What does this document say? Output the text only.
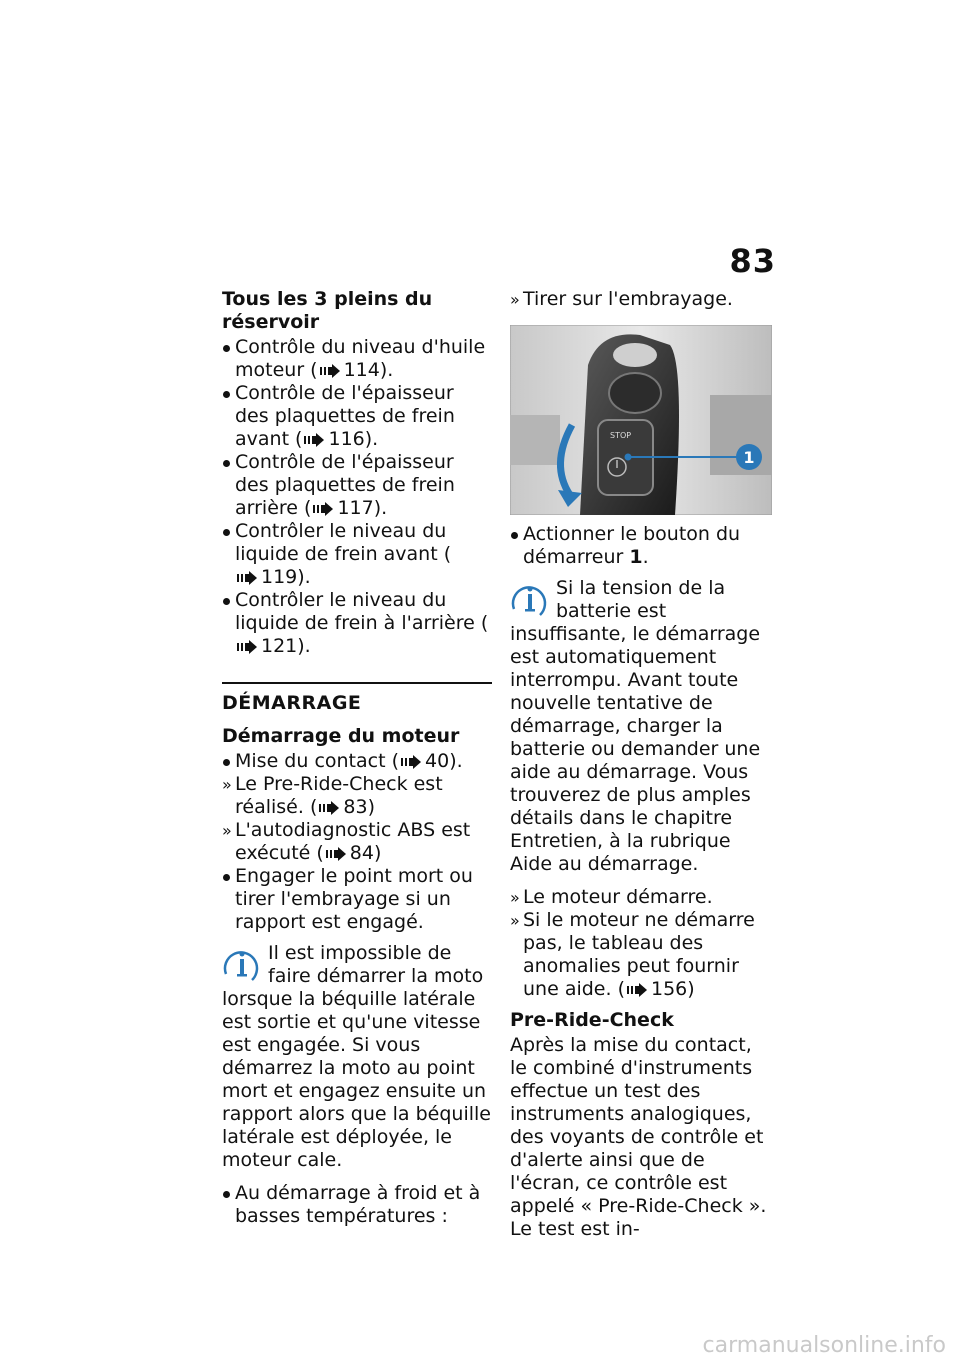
83
Tous les 3 pleins du réservoir
Contrôle du niveau d'huile moteur ( 114).
Contrôle de l'épaisseur des plaquettes de frein avant ( 116).
Contrôle de l'épaisseur des plaquettes de frein arrière ( 117).
Contrôler le niveau du liquide de frein avant (119).
Contrôler le niveau du liquide de frein à l'arrière (121).
DÉMARRAGE
Démarrage du moteur
Mise du contact ( 40).
» Le Pre-Ride-Check est réalisé. ( 83)
» L'autodiagnostic ABS est exécuté ( 84)
Engager le point mort ou tirer l'embrayage si un rapport est engagé.

Il est impossible de faire démarrer la moto lorsque la béquille latérale est sortie et qu'une vitesse est engagée. Si vous démarrez la moto au point mort et engagez ensuite un rapport alors que la béquille latérale est déployée, le moteur cale.

Au démarrage à froid et à basses températures :
» Tirer sur l'embrayage.
STOP
1
Actionner le bouton du démarreur 1.

Si la tension de la batterie est insuffisante, le démarrage est automatiquement interrompu. Avant toute nouvelle tentative de démarrage, charger la batterie ou demander une aide au démarrage. Vous trouverez de plus amples détails dans le chapitre Entretien, à la rubrique Aide au démarrage.

» Le moteur démarre.
» Si le moteur ne démarre pas, le tableau des anomalies peut fournir une aide. ( 156)
Pre-Ride-Check

Après la mise du contact, le combiné d'instruments effectue un test des instruments analogiques, des voyants de contrôle et d'alerte ainsi que de l'écran, ce contrôle est appelé « Pre-Ride-Check ». Le test est in-

carmanualsonline.info
